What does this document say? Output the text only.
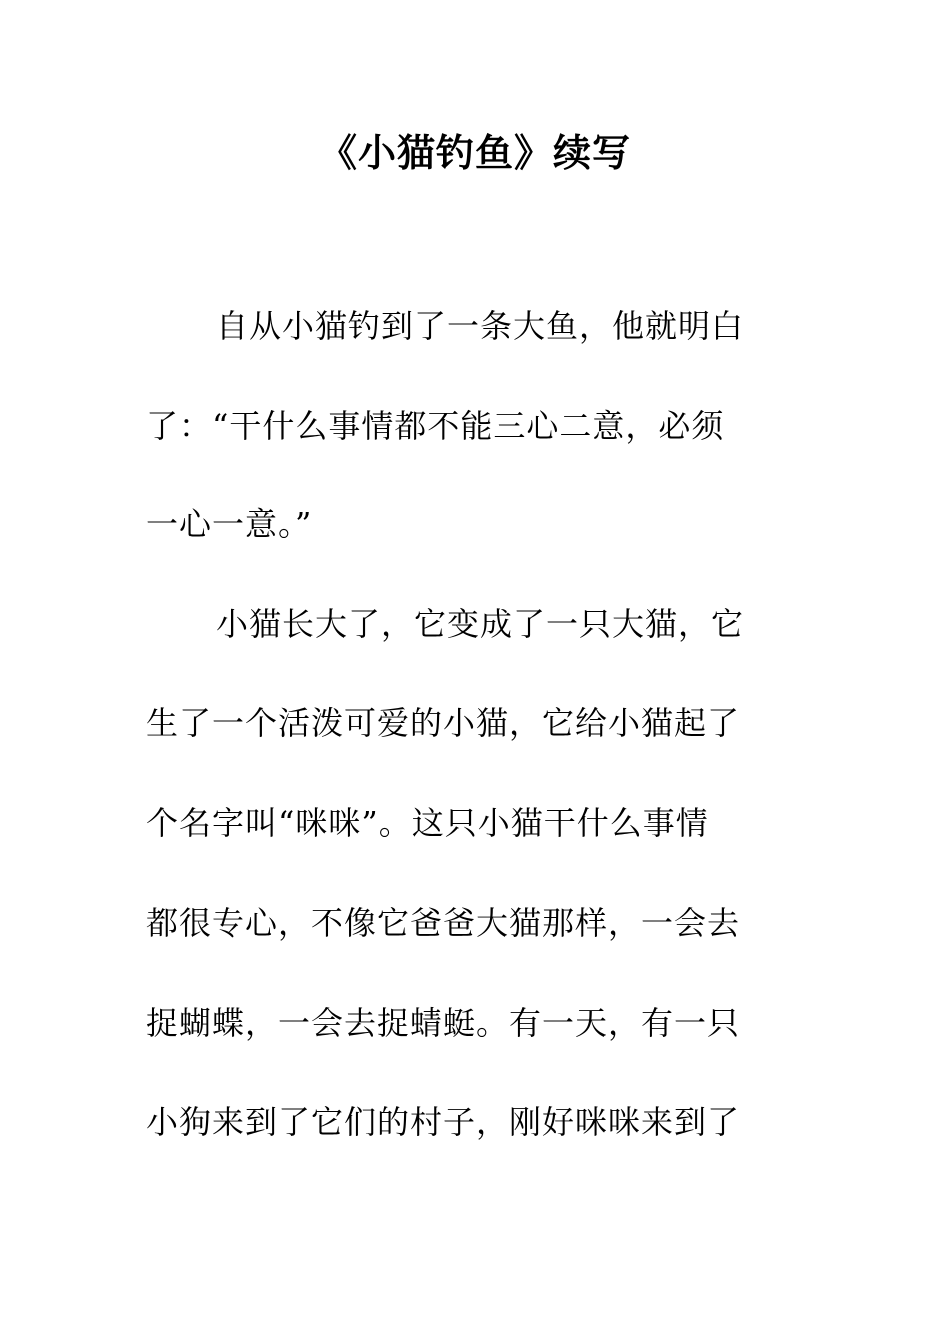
《小猫钓鱼》续写
自从小猫钓到了一条大鱼，他就明白
了：“干什么事情都不能三心二意，必须
一心一意。”
小猫长大了，它变成了一只大猫，它
生了一个活泼可爱的小猫，它给小猫起了
个名字叫“咪咪”。这只小猫干什么事情
都很专心，不像它爸爸大猫那样，一会去
捉蝴蝶，一会去捉蜻蜓。有一天，有一只
小狗来到了它们的村子，刚好咪咪来到了
